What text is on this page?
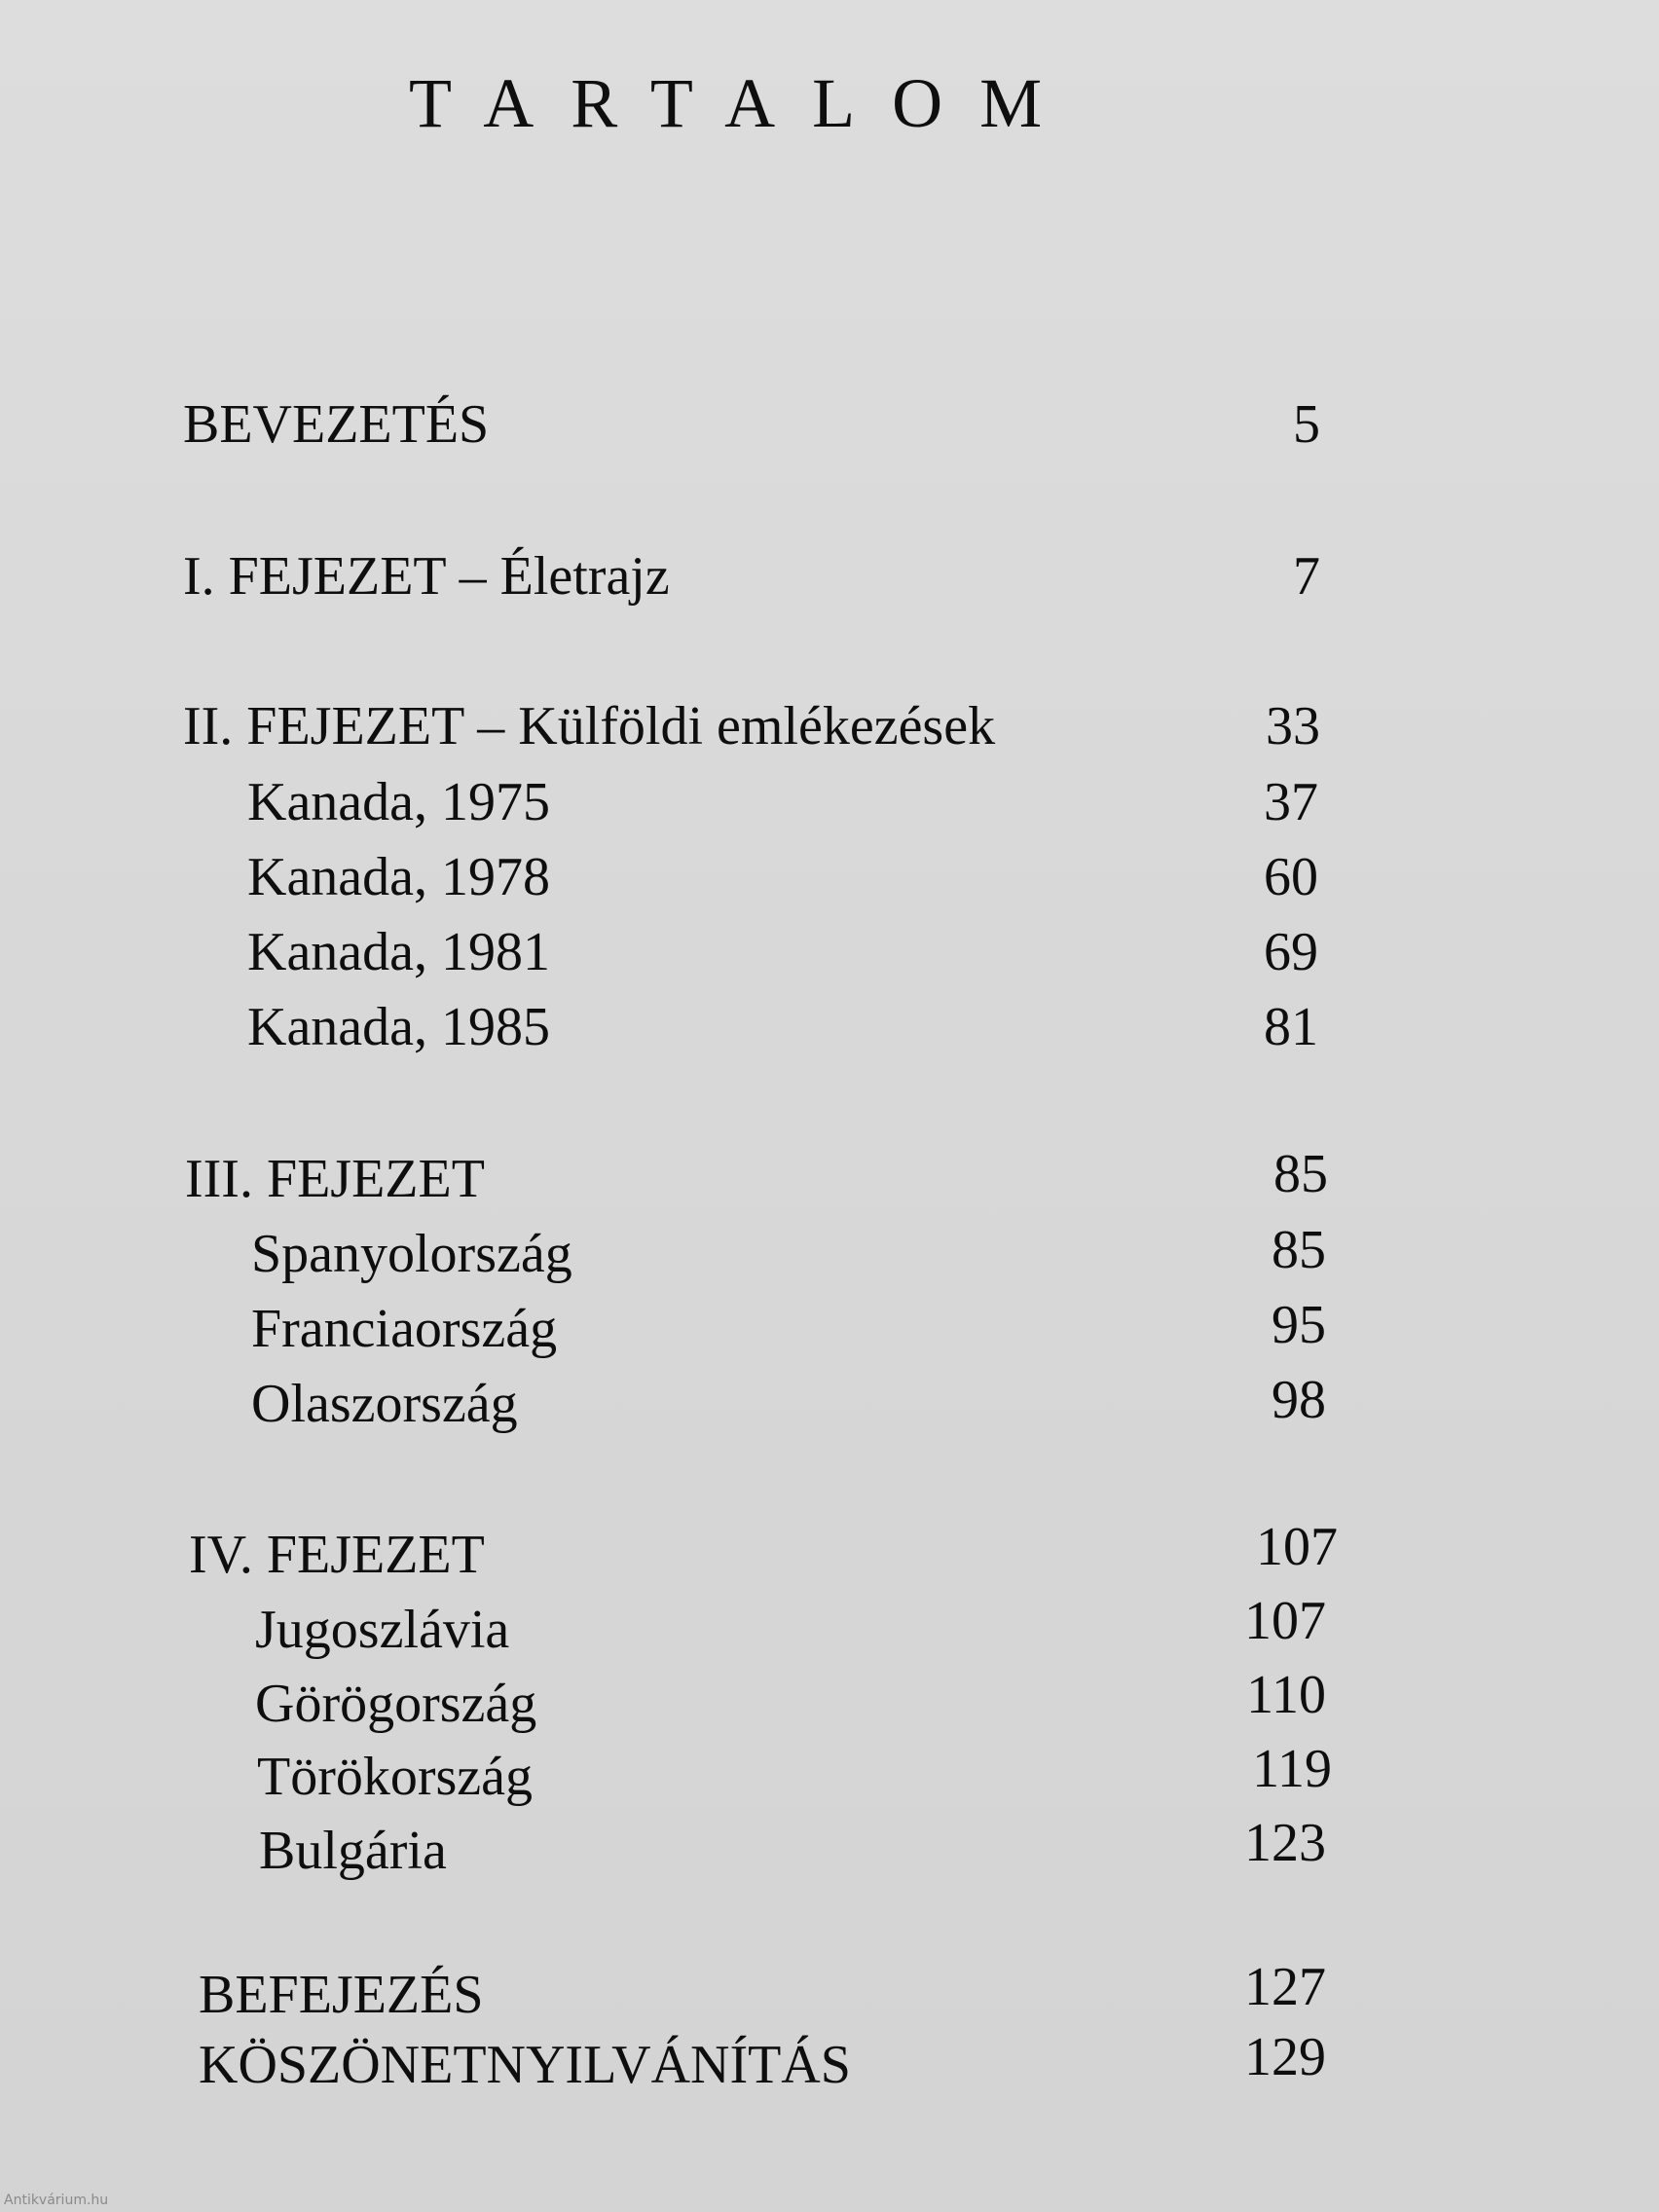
TARTALOM
BEVEZETÉS	5
I. FEJEZET – Életrajz	7
II. FEJEZET – Külföldi emlékezések	33
Kanada, 1975	37
Kanada, 1978	60
Kanada, 1981	69
Kanada, 1985	81
III. FEJEZET	85
Spanyolország	85
Franciaország	95
Olaszország	98
IV. FEJEZET	107
Jugoszlávia	107
Görögország	110
Törökország	119
Bulgária	123
BEFEJEZÉS	127
KÖSZÖNETNYILVÁNÍTÁS	129
Antikvárium.hu
